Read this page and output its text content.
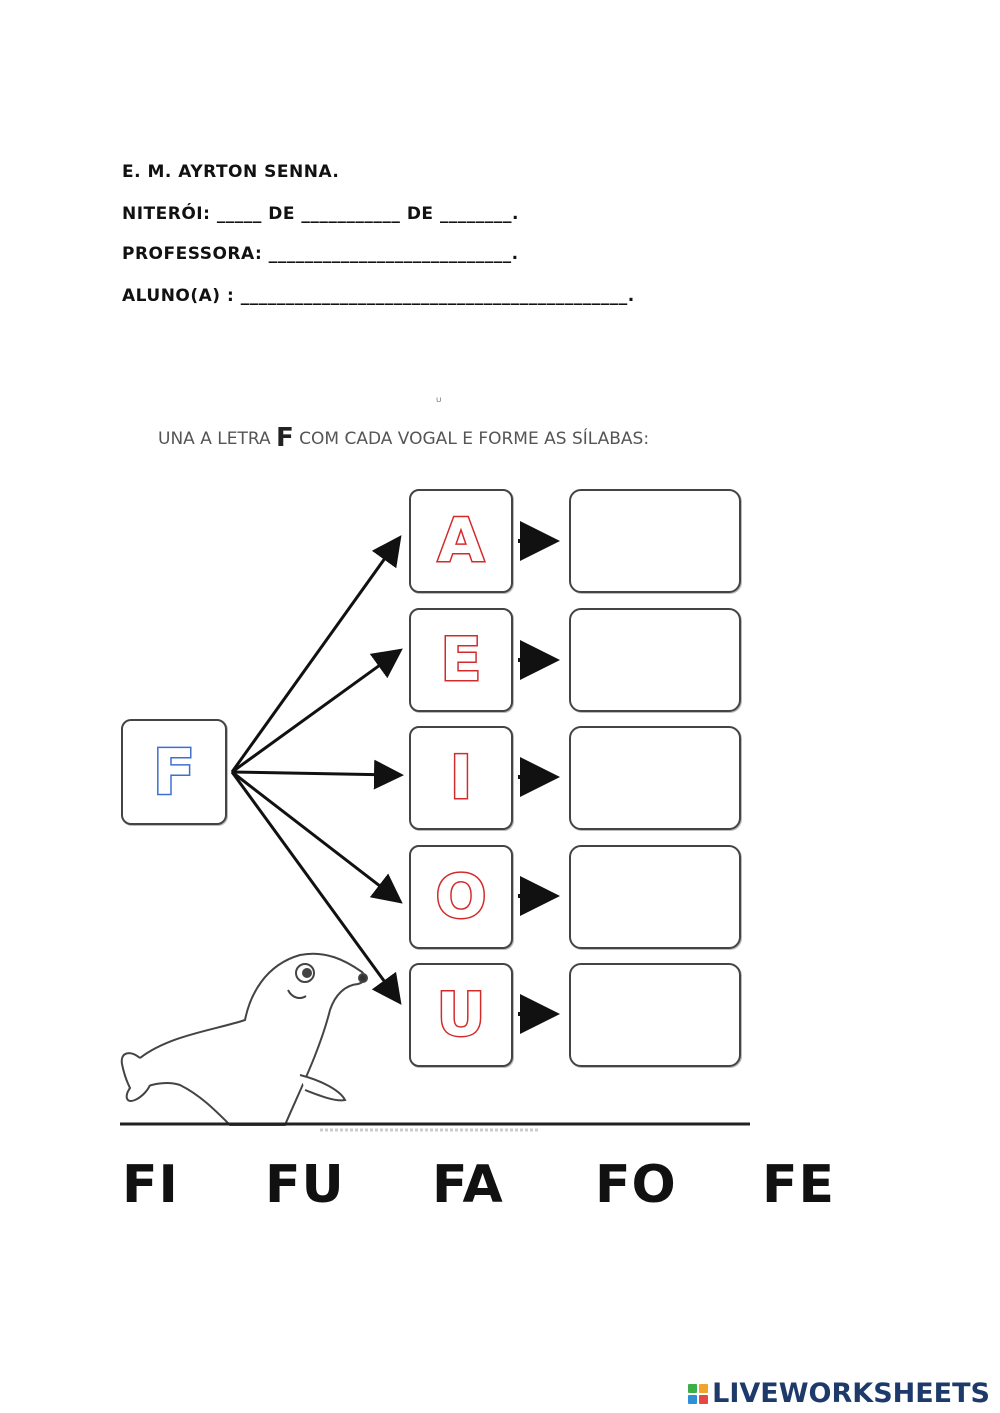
E. M. AYRTON SENNA.
NITERÓI: _____ DE ___________ DE ________.
PROFESSORA: ___________________________.
ALUNO(A) : ___________________________________________.
ᵁ
UNA A LETRA F COM CADA VOGAL E FORME AS SÍLABAS:
F
A
E
I
O
U
FI FU FA FO FE
LIVEWORKSHEETS
